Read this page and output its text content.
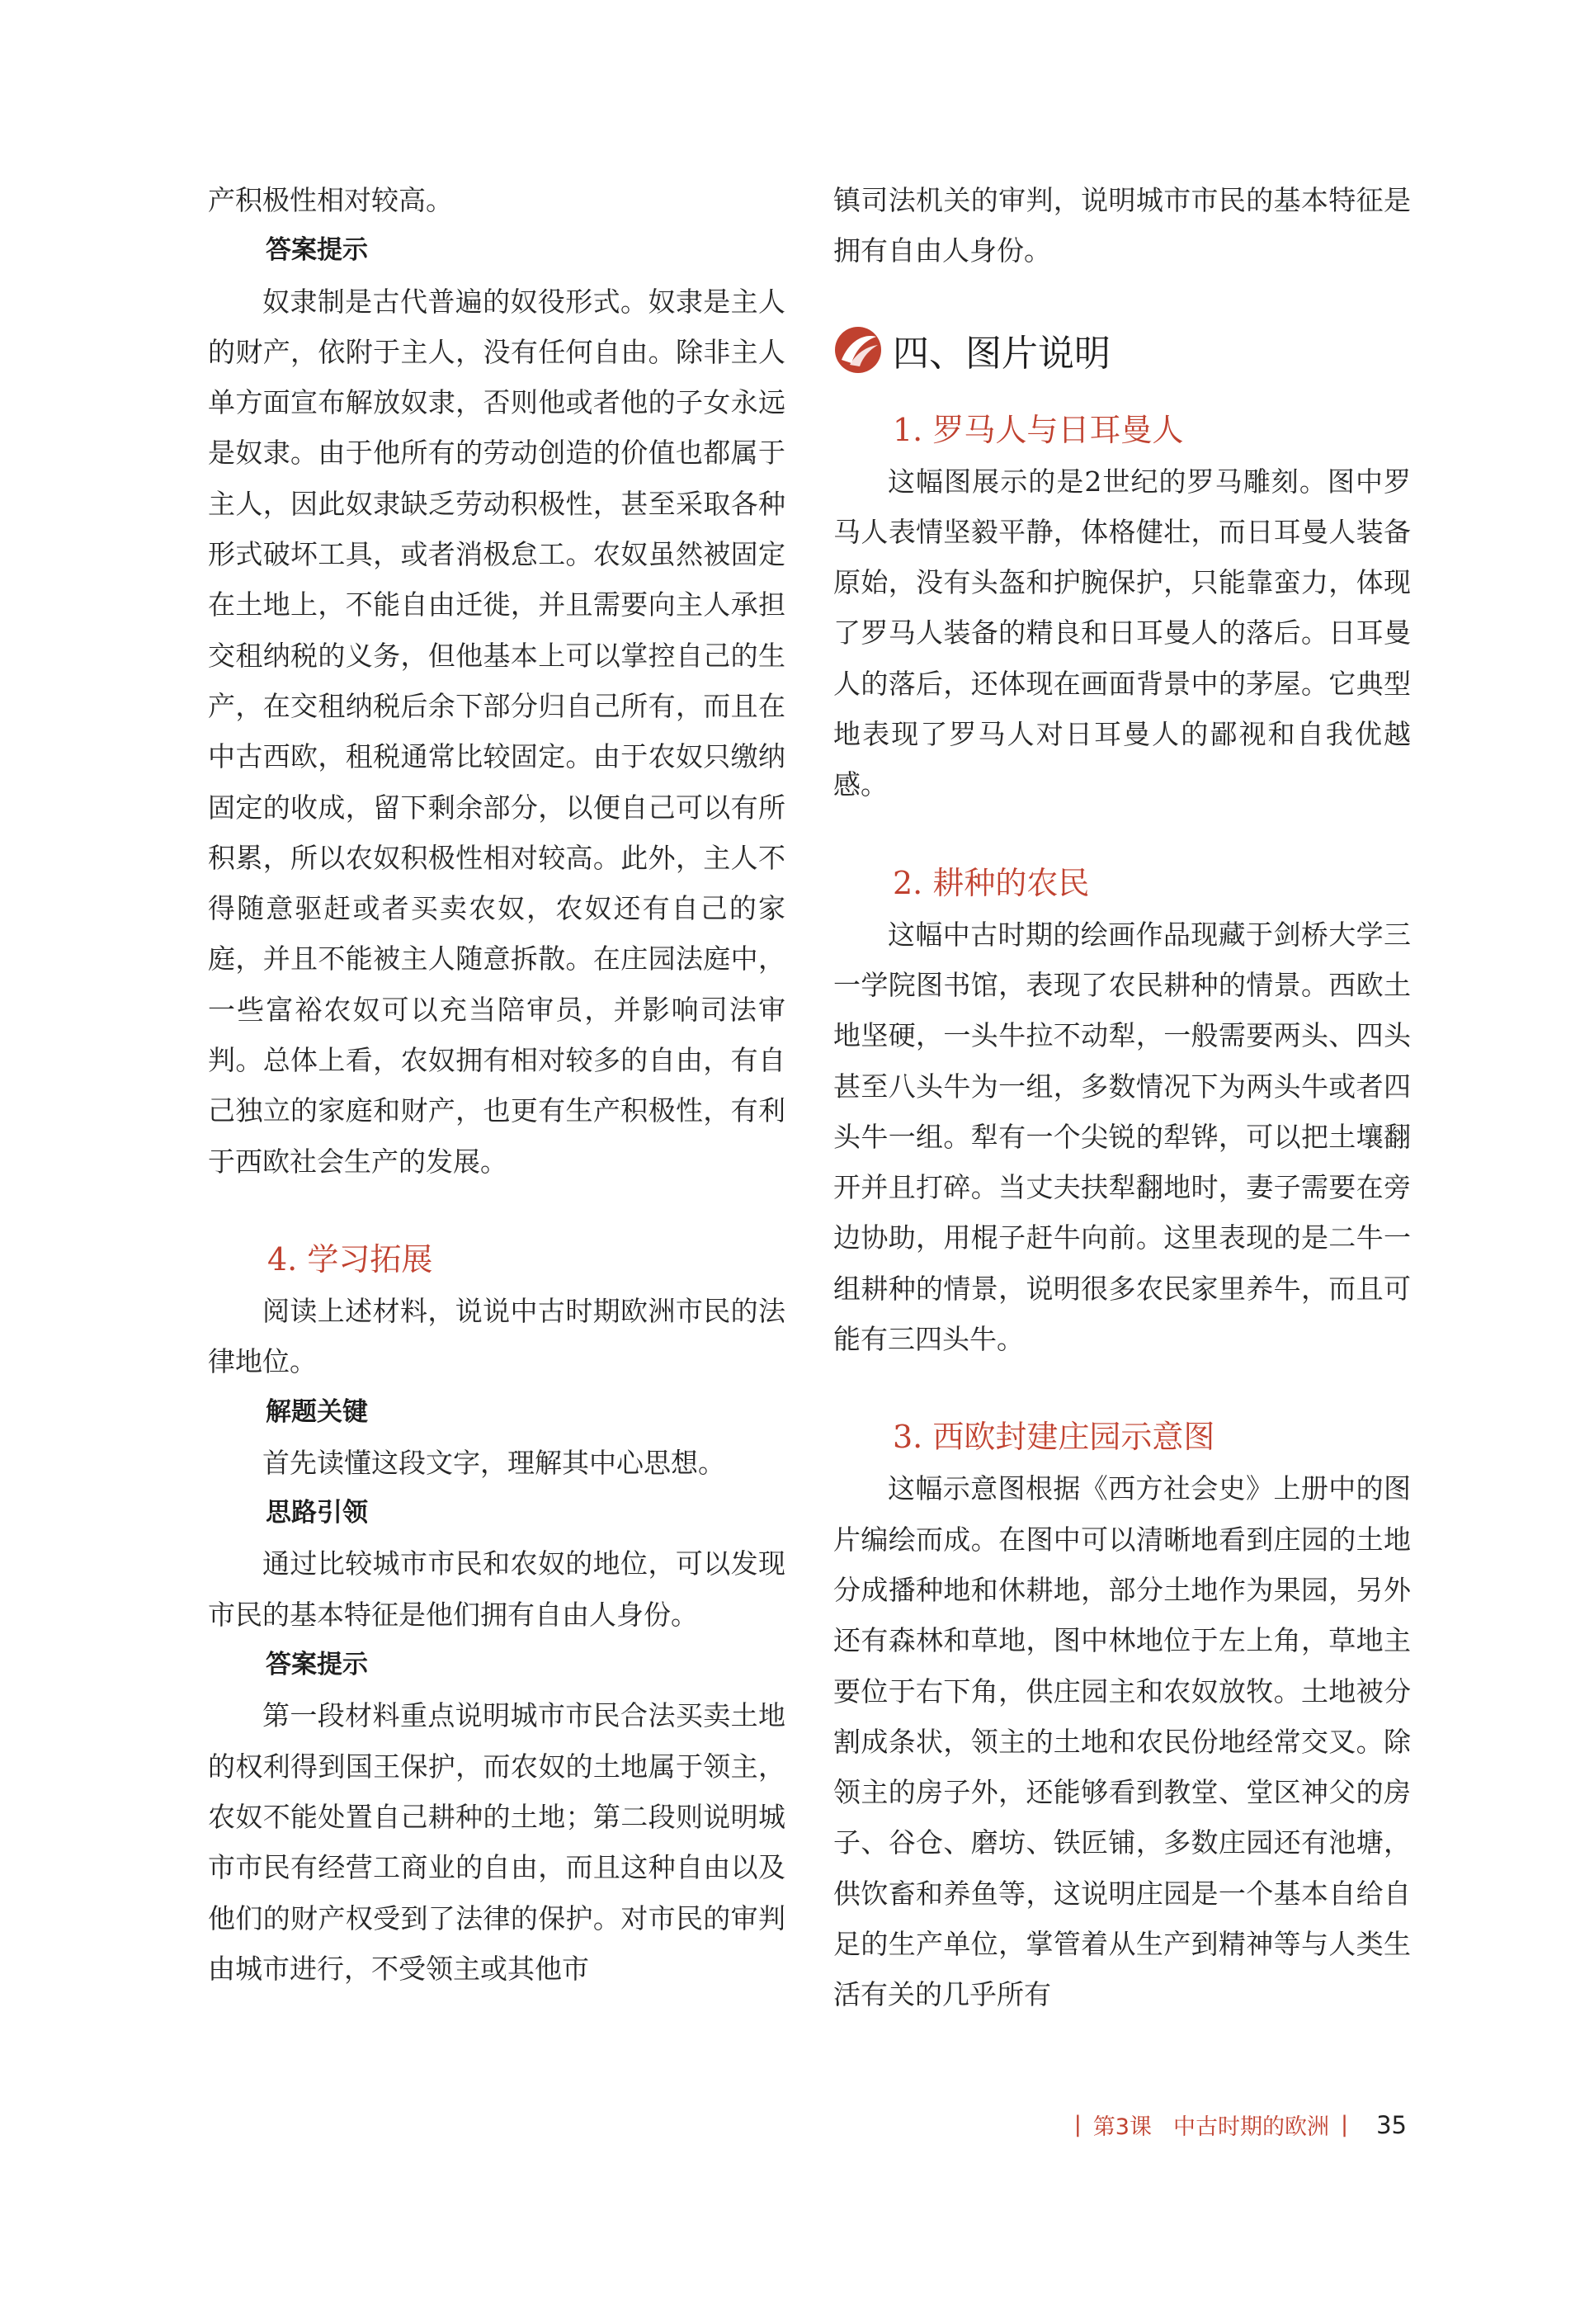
产积极性相对较高。

答案提示

奴隶制是古代普遍的奴役形式。奴隶是主人的财产，依附于主人，没有任何自由。除非主人单方面宣布解放奴隶，否则他或者他的子女永远是奴隶。由于他所有的劳动创造的价值也都属于主人，因此奴隶缺乏劳动积极性，甚至采取各种形式破坏工具，或者消极怠工。农奴虽然被固定在土地上，不能自由迁徙，并且需要向主人承担交租纳税的义务，但他基本上可以掌控自己的生产，在交租纳税后余下部分归自己所有，而且在中古西欧，租税通常比较固定。由于农奴只缴纳固定的收成，留下剩余部分，以便自己可以有所积累，所以农奴积极性相对较高。此外，主人不得随意驱赶或者买卖农奴，农奴还有自己的家庭，并且不能被主人随意拆散。在庄园法庭中，一些富裕农奴可以充当陪审员，并影响司法审判。总体上看，农奴拥有相对较多的自由，有自己独立的家庭和财产，也更有生产积极性，有利于西欧社会生产的发展。

4. 学习拓展

阅读上述材料，说说中古时期欧洲市民的法律地位。

解题关键

首先读懂这段文字，理解其中心思想。

思路引领

通过比较城市市民和农奴的地位，可以发现市民的基本特征是他们拥有自由人身份。

答案提示

第一段材料重点说明城市市民合法买卖土地的权利得到国王保护，而农奴的土地属于领主，农奴不能处置自己耕种的土地；第二段则说明城市市民有经营工商业的自由，而且这种自由以及他们的财产权受到了法律的保护。对市民的审判由城市进行，不受领主或其他市

镇司法机关的审判，说明城市市民的基本特征是拥有自由人身份。

四、图片说明
1. 罗马人与日耳曼人

这幅图展示的是2世纪的罗马雕刻。图中罗马人表情坚毅平静，体格健壮，而日耳曼人装备原始，没有头盔和护腕保护，只能靠蛮力，体现了罗马人装备的精良和日耳曼人的落后。日耳曼人的落后，还体现在画面背景中的茅屋。它典型地表现了罗马人对日耳曼人的鄙视和自我优越感。

2. 耕种的农民

这幅中古时期的绘画作品现藏于剑桥大学三一学院图书馆，表现了农民耕种的情景。西欧土地坚硬，一头牛拉不动犁，一般需要两头、四头甚至八头牛为一组，多数情况下为两头牛或者四头牛一组。犁有一个尖锐的犁铧，可以把土壤翻开并且打碎。当丈夫扶犁翻地时，妻子需要在旁边协助，用棍子赶牛向前。这里表现的是二牛一组耕种的情景，说明很多农民家里养牛，而且可能有三四头牛。

3. 西欧封建庄园示意图

这幅示意图根据《西方社会史》上册中的图片编绘而成。在图中可以清晰地看到庄园的土地分成播种地和休耕地，部分土地作为果园，另外还有森林和草地，图中林地位于左上角，草地主要位于右下角，供庄园主和农奴放牧。土地被分割成条状，领主的土地和农民份地经常交叉。除领主的房子外，还能够看到教堂、堂区神父的房子、谷仓、磨坊、铁匠铺，多数庄园还有池塘，供饮畜和养鱼等，这说明庄园是一个基本自给自足的生产单位，掌管着从生产到精神等与人类生活有关的几乎所有

| 第3课 中古时期的欧洲 | 35
